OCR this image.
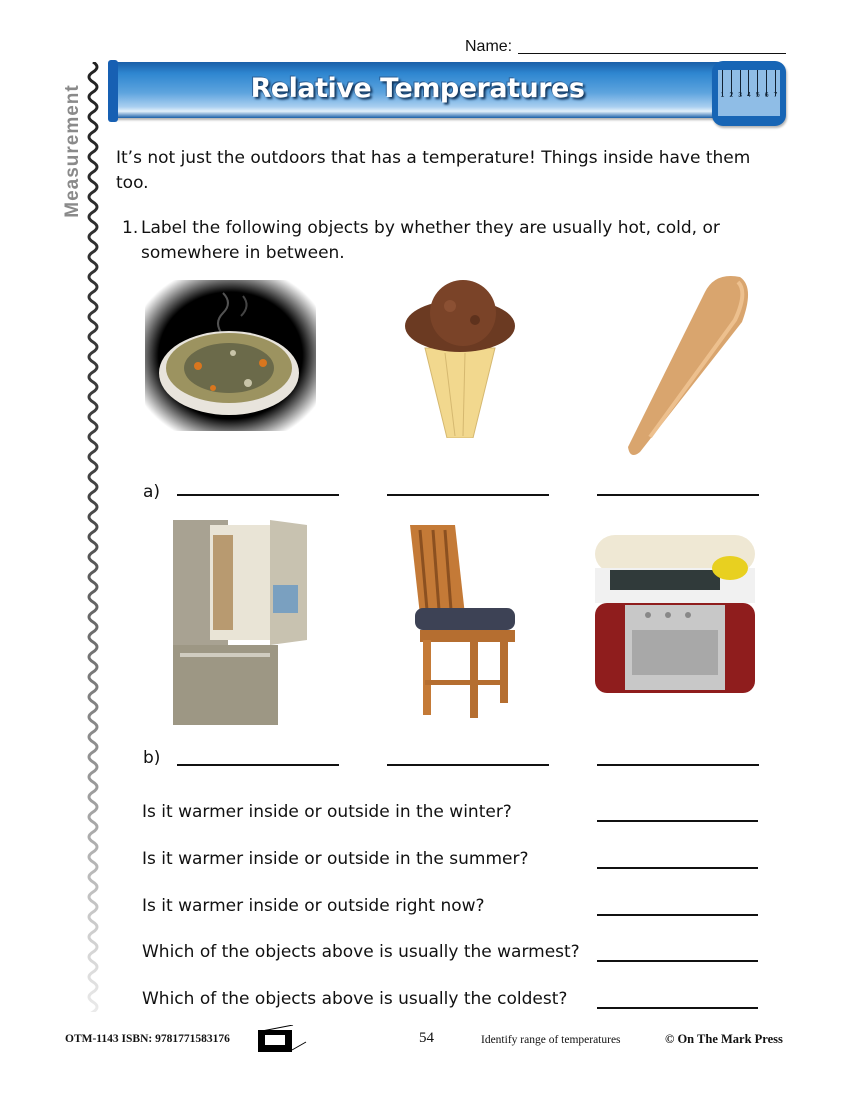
Name:
Measurement	Relative Temperatures	1 2 3 4 5 6 7
It’s not just the outdoors that has a temperature! Things inside have them too.
1. Label the following objects by whether they are usually hot, cold, or somewhere in between.
a)
b)
Is it warmer inside or outside in the winter?
Is it warmer inside or outside in the summer?
Is it warmer inside or outside right now?
Which of the objects above is usually the warmest?
Which of the objects above is usually the coldest?
OTM-1143 ISBN: 9781771583176	54	Identify range of temperatures	© On The Mark Press
